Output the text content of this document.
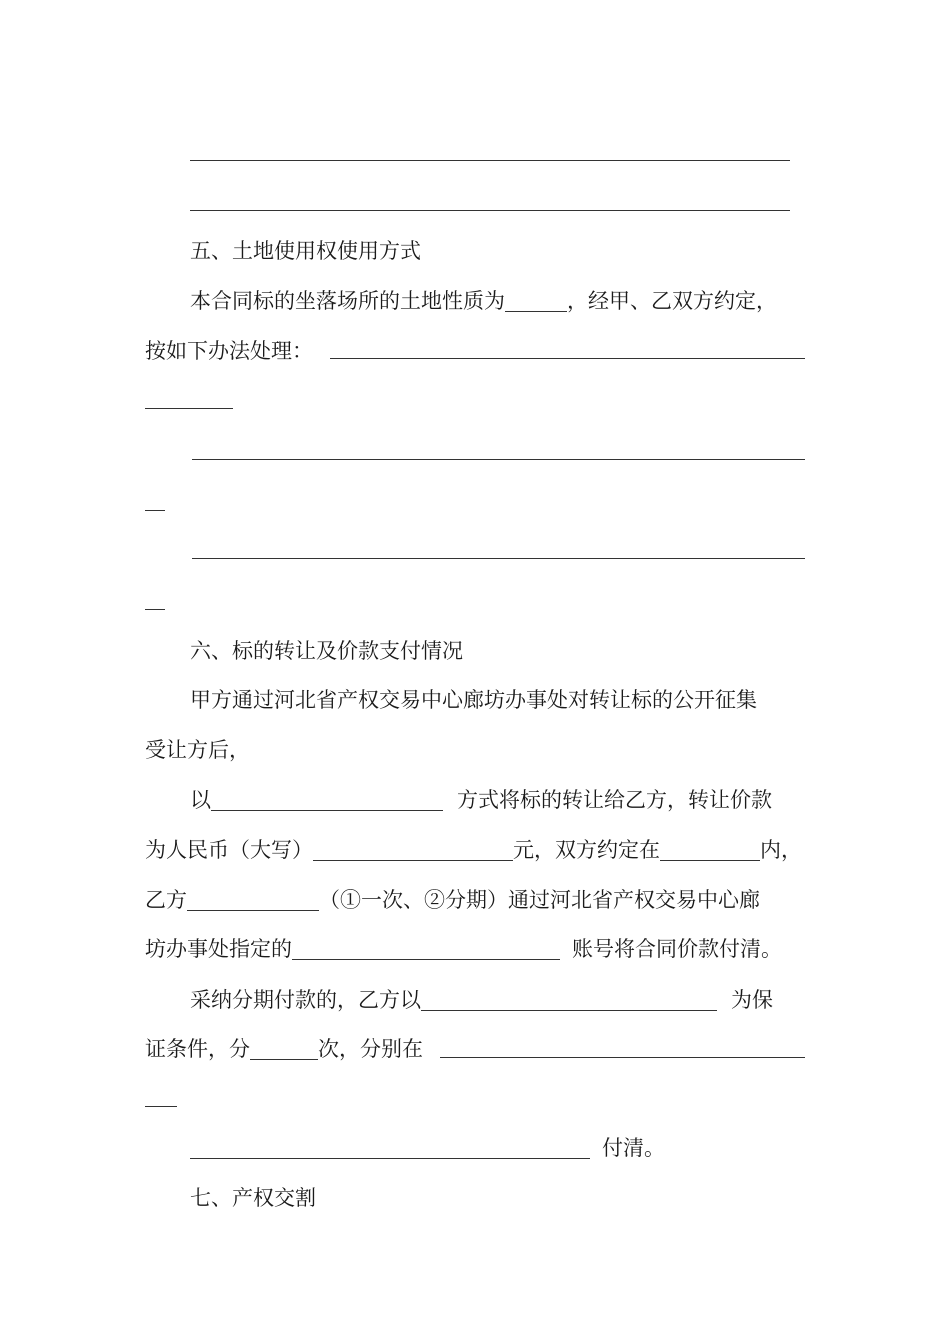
五、土地使用权使用方式
本合同标的坐落场所的土地性质为	，经甲、乙双方约定，
按如下办法处理：
六、标的转让及价款支付情况
甲方通过河北省产权交易中心廊坊办事处对转让标的公开征集
受让方后，
以	方式将标的转让给乙方，转让价款
为人民币（大写）	元，双方约定在	内，
乙方	（①一次、②分期）通过河北省产权交易中心廊
坊办事处指定的	账号将合同价款付清。
采纳分期付款的，乙方以	为保
证条件，分	次，分别在
付清。
七、产权交割
